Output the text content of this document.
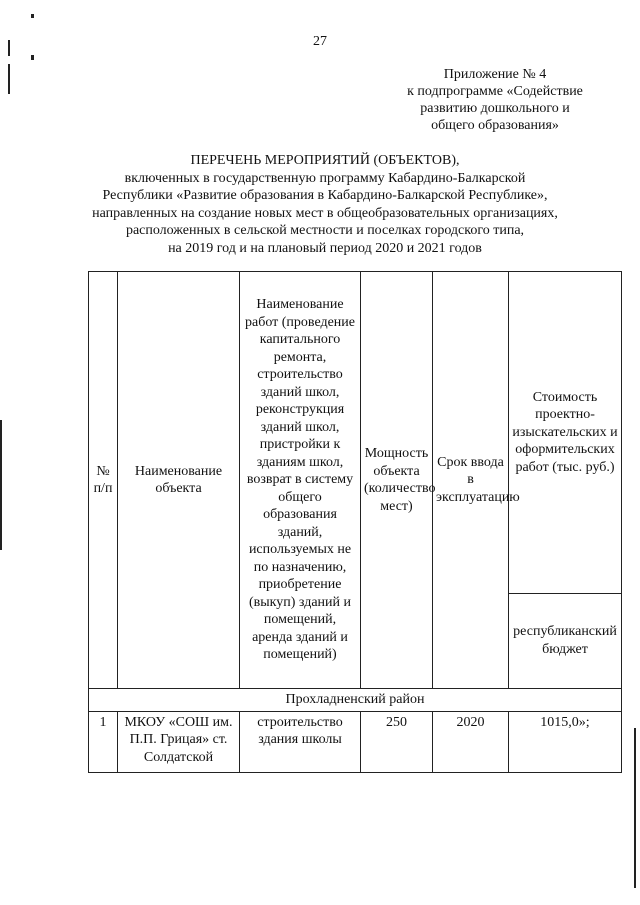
27
Приложение № 4
к подпрограмме «Содействие
развитию дошкольного и
общего образования»
ПЕРЕЧЕНЬ МЕРОПРИЯТИЙ (ОБЪЕКТОВ),
включенных в государственную программу Кабардино-Балкарской
Республики «Развитие образования в Кабардино-Балкарской Республике»,
направленных на создание новых мест в общеобразовательных организациях,
расположенных в сельской местности и поселках городского типа,
на 2019 год и на плановый период 2020 и 2021 годов
№ п/п	Наименование объекта	Наименование работ (проведение капитального ремонта, строительство зданий школ, реконструкция зданий школ, пристройки к зданиям школ, возврат в систему общего образования зданий, используемых не по назначению, приобретение (выкуп) зданий и помещений, аренда зданий и помещений)	Мощность объекта (количество мест)	Срок ввода в эксплуатацию	Стоимость проектно-изыскательских и оформительских работ (тыс. руб.)
					республиканский бюджет
Прохладненский район					
1	МКОУ «СОШ им. П.П. Грицая» ст. Солдатской	строительство здания школы	250	2020	1015,0»;
